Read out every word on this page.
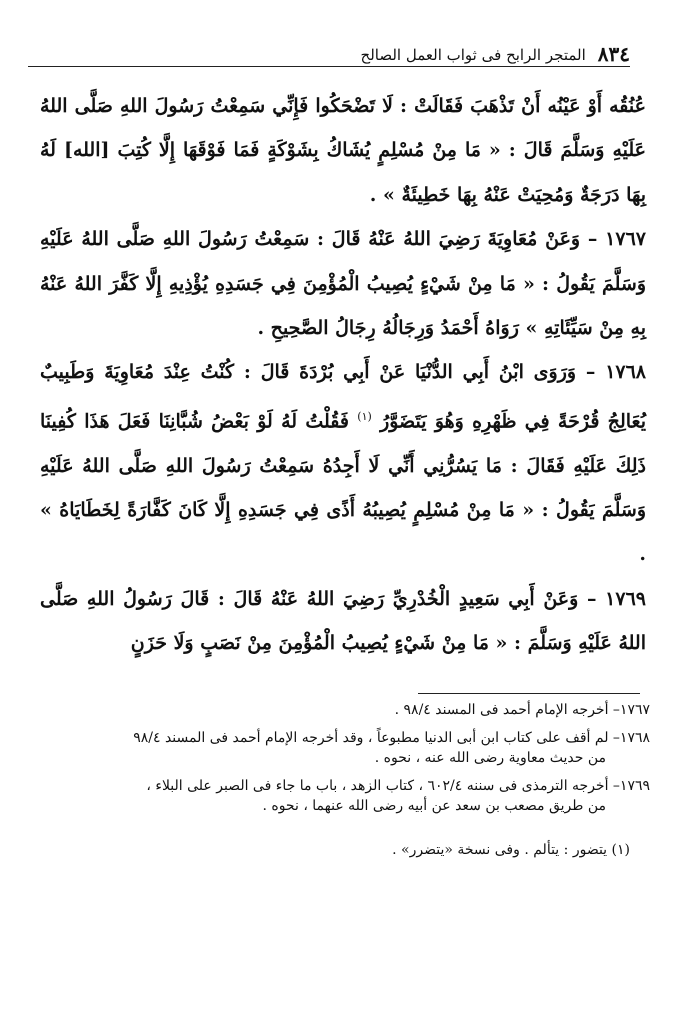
٨٣٤
المتجر الرابح فى ثواب العمل الصالح

عُنُقُه أَوْ عَيْنُه أَنْ تَذْهَبَ فَقَالَتْ : لَا تَضْحَكُوا فَإِنِّي سَمِعْتُ رَسُولَ اللهِ صَلَّى اللهُ عَلَيْهِ وَسَلَّمَ قَالَ : « مَا مِنْ مُسْلِمٍ يُشَاكُ بِشَوْكَةٍ فَمَا فَوْقَهَا إِلَّا كُتِبَ [الله] لَهُ بِهَا دَرَجَةٌ وَمُحِيَتْ عَنْهُ بِهَا خَطِيئَةٌ » .

١٧٦٧ – وَعَنْ مُعَاوِيَةَ رَضِيَ اللهُ عَنْهُ قَالَ : سَمِعْتُ رَسُولَ اللهِ صَلَّى اللهُ عَلَيْهِ وَسَلَّمَ يَقُولُ : « مَا مِنْ شَيْءٍ يُصِيبُ الْمُؤْمِنَ فِي جَسَدِهِ يُؤْذِيهِ إِلَّا كَفَّرَ اللهُ عَنْهُ بِهِ مِنْ سَيِّئَاتِهِ » رَوَاهُ أَحْمَدُ وَرِجَالُهُ رِجَالُ الصَّحِيحِ .

١٧٦٨ – وَرَوَى ابْنُ أَبِي الدُّنْيَا عَنْ أَبِي بُرْدَةَ قَالَ : كُنْتُ عِنْدَ مُعَاوِيَةَ وَطَبِيبٌ يُعَالِجُ قُرْحَةً فِي ظَهْرِهِ وَهُوَ يَتَضَوَّرُ $^{(١)}$ فَقُلْتُ لَهُ لَوْ بَعْضُ شُبَّانِنَا فَعَلَ هَذَا كُفِينَا ذَلِكَ عَلَيْهِ فَقَالَ : مَا يَسُرُّنِي أَنِّي لَا أَجِدُهُ سَمِعْتُ رَسُولَ اللهِ صَلَّى اللهُ عَلَيْهِ وَسَلَّمَ يَقُولُ : « مَا مِنْ مُسْلِمٍ يُصِيبُهُ أَذًى فِي جَسَدِهِ إِلَّا كَانَ كَفَّارَةً لِخَطَايَاهُ » .

١٧٦٩ – وَعَنْ أَبِي سَعِيدٍ الْخُدْرِيِّ رَضِيَ اللهُ عَنْهُ قَالَ : قَالَ رَسُولُ اللهِ صَلَّى اللهُ عَلَيْهِ وَسَلَّمَ : « مَا مِنْ شَيْءٍ يُصِيبُ الْمُؤْمِنَ مِنْ نَصَبٍ وَلَا حَزَنٍ

١٧٦٧– أخرجه الإمام أحمد فى المسند ٩٨/٤ .
١٧٦٨– لم أقف على كتاب ابن أبى الدنيا مطبوعاً ، وقد أخرجه الإمام أحمد فى المسند ٩٨/٤
من حديث معاوية رضى الله عنه ، نحوه .
١٧٦٩– أخرجه الترمذى فى سننه ٦٠٢/٤ ، كتاب الزهد ، باب ما جاء فى الصبر على البلاء ،
من طريق مصعب بن سعد عن أبيه رضى الله عنهما ، نحوه .
(١) يتضور : يتألم . وفى نسخة «يتضرر» .
